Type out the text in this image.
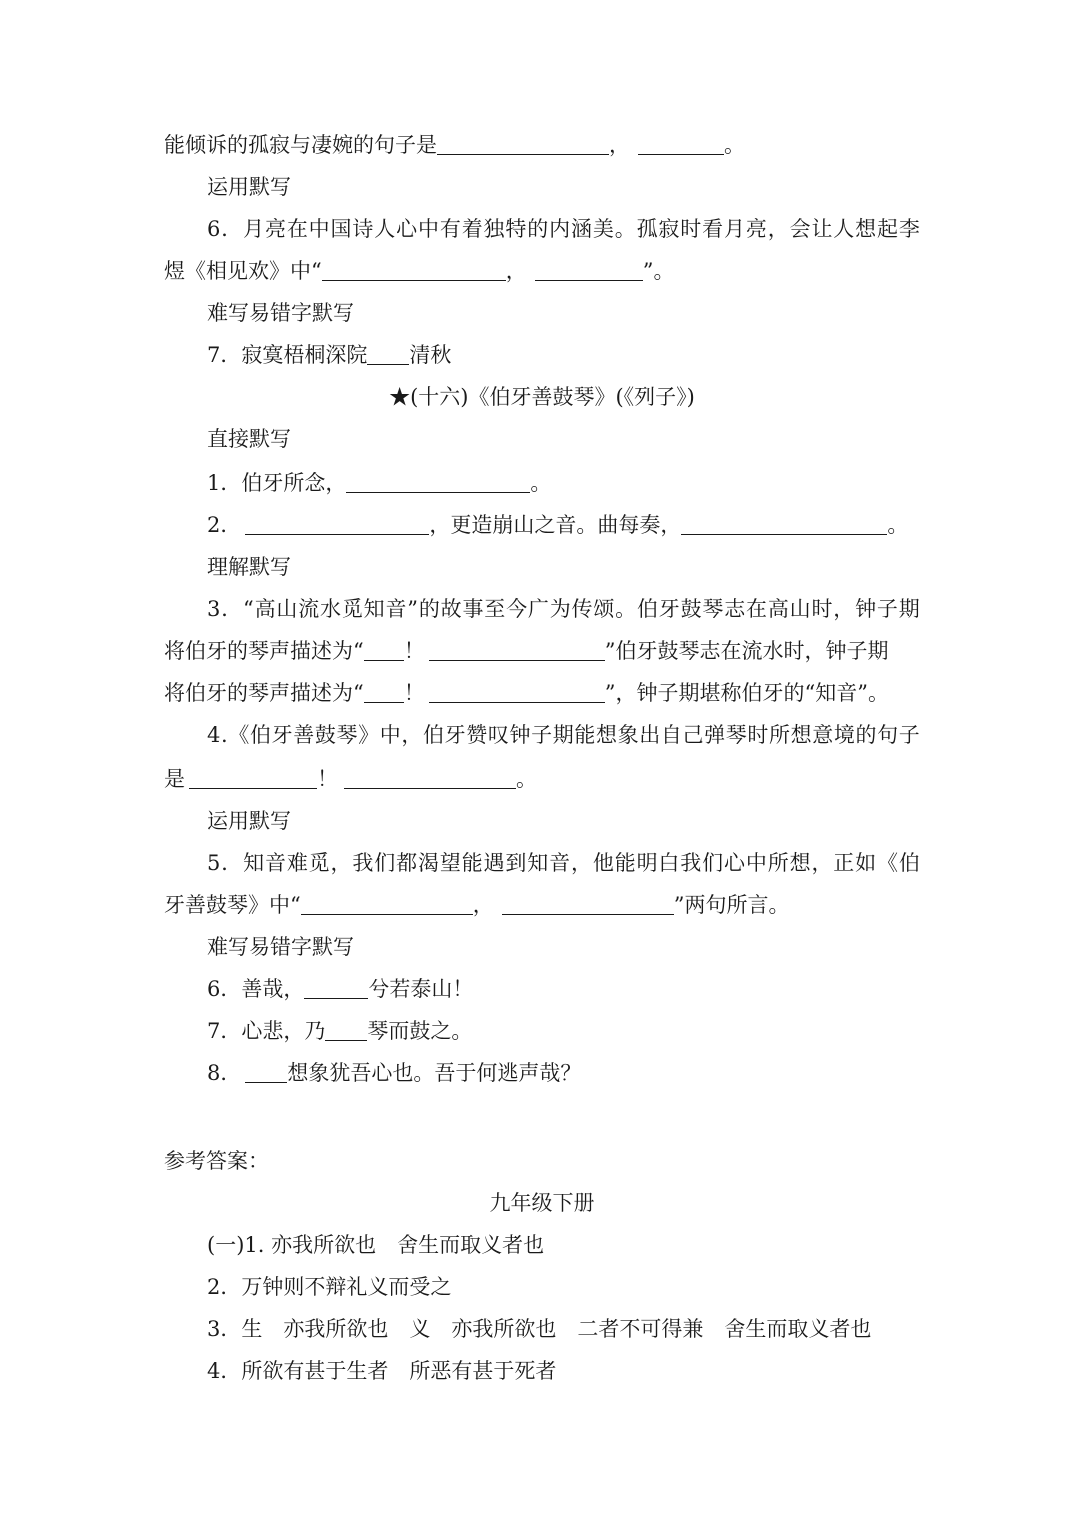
能倾诉的孤寂与凄婉的句子是	，	。
运用默写
6 ． 月 亮 在 中 国 诗 人 心 中 有 着 独 特 的 内 涵 美 。 孤 寂 时 看 月 亮 ， 会 让 人 想 起 李
煜《相见欢》中“	，	”。
难写易错字默写
7．寂寞梧桐深院 清秋
★(十六)《伯牙善鼓琴》(《列子》)
直接默写
1．伯牙所念，	。
2．	，更造崩山之音。曲每奏，	。
理解默写
3 ． “ 高 山 流 水 觅 知 音 ” 的 故 事 至 今 广 为 传 颂 。 伯 牙 鼓 琴 志 在 高 山 时 ， 钟 子 期
将伯牙的琴声描述为“ ！	”伯牙鼓琴志在流水时，钟子期
将伯牙的琴声描述为“ ！	”，钟子期堪称伯牙的“知音”。
4 . 《 伯 牙 善 鼓 琴 》 中 ， 伯 牙 赞 叹 钟 子 期 能 想 象 出 自 己 弹 琴 时 所 想 意 境 的 句 子
是	！	。
运用默写
5 ． 知 音 难 觅 ， 我 们 都 渴 望 能 遇 到 知 音 ， 他 能 明 白 我 们 心 中 所 想 ， 正 如 《 伯
牙善鼓琴》中“	，	”两句所言。
难写易错字默写
6．善哉，	兮若泰山！
7．心悲，乃 琴而鼓之。
8． 想象犹吾心也。吾于何逃声哉？
参考答案：
九年级下册
(一)1. 亦我所欲也　舍生而取义者也
2．万钟则不辩礼义而受之
3．生　亦我所欲也　义　亦我所欲也　二者不可得兼　舍生而取义者也
4．所欲有甚于生者　所恶有甚于死者
